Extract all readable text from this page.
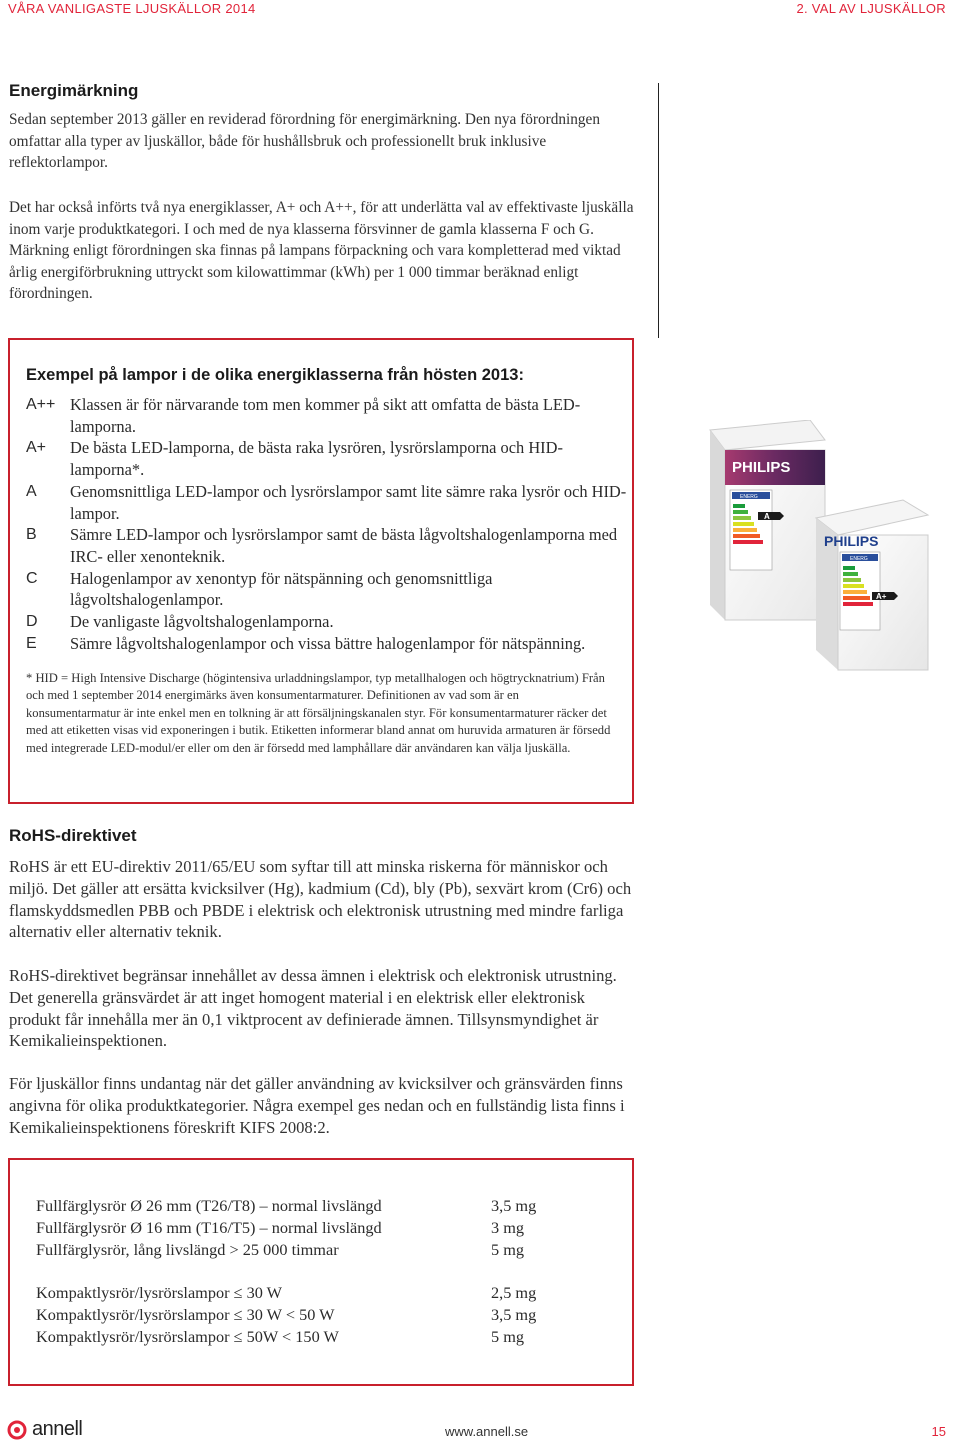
VÅRA VANLIGASTE LJUSKÄLLOR 2014	2. VAL AV LJUSKÄLLOR
Energimärkning

Sedan september 2013 gäller en reviderad förordning för energimärkning. Den nya förordningen omfattar alla typer av ljuskällor, både för hushållsbruk och professionellt bruk inklusive reflektorlampor.

Det har också införts två nya energiklasser, A+ och A++, för att underlätta val av effektivaste ljuskälla inom varje produktkategori. I och med de nya klasserna försvinner de gamla klasserna F och G. Märkning enligt förordningen ska finnas på lampans förpackning och vara kompletterad med viktad årlig energiförbrukning uttryckt som kilowattimmar (kWh) per 1 000 timmar beräknad enligt förordningen.

Exempel på lampor i de olika energiklasserna från hösten 2013:

A++ Klassen är för närvarande tom men kommer på sikt att omfatta de bästa LED-lamporna.
A+	De bästa LED-lamporna, de bästa raka lysrören, lysrörslamporna och HID-lamporna*.
A	Genomsnittliga LED-lampor och lysrörslampor samt lite sämre raka lysrör och HID-lampor.
B	Sämre LED-lampor och lysrörslampor samt de bästa lågvoltshalogenlamporna med IRC- eller xenonteknik.
C	Halogenlampor av xenontyp för nätspänning och genomsnittliga lågvoltshalogenlampor.
D	De vanligaste lågvoltshalogenlamporna.
E	Sämre lågvoltshalogenlampor och vissa bättre halogenlampor för nätspänning.

* HID = High Intensive Discharge (högintensiva urladdningslampor, typ metallhalogen och högtrycknatrium) Från och med 1 september 2014 energimärks även konsumentarmaturer. Definitionen av vad som är en konsumentarmatur är inte enkel men en tolkning är att försäljningskanalen styr. För konsumentarmaturer räcker det med att etiketten visas vid exponeringen i butik. Etiketten informerar bland annat om huruvida armaturen är försedd med integrerade LED-modul/er eller om den är försedd med lamphållare där användaren kan välja ljuskälla.

PHILIPS
ENERG
A
PHILIPS
ENERG
A+
RoHS-direktivet

RoHS är ett EU-direktiv 2011/65/EU som syftar till att minska riskerna för människor och miljö. Det gäller att ersätta kvicksilver (Hg), kadmium (Cd), bly (Pb), sexvärt krom (Cr6) och flamskyddsmedlen PBB och PBDE i elektrisk och elektronisk utrustning med mindre farliga alternativ eller alternativ teknik.

RoHS-direktivet begränsar innehållet av dessa ämnen i elektrisk och elektronisk utrustning. Det generella gränsvärdet är att inget homogent material i en elektrisk eller elektronisk produkt får innehålla mer än 0,1 viktprocent av definierade ämnen. Tillsynsmyndighet är Kemikalieinspektionen.

För ljuskällor finns undantag när det gäller användning av kvicksilver och gränsvärden finns angivna för olika produktkategorier. Några exempel ges nedan och en fullständig lista finns i Kemikalieinspektionens föreskrift KIFS 2008:2.

Fullfärglysrör Ø 26 mm (T26/T8) – normal livslängd	3,5 mg
Fullfärglysrör Ø 16 mm (T16/T5) – normal livslängd	3 mg
Fullfärglysrör, lång livslängd > 25 000 timmar	5 mg
Kompaktlysrör/lysrörslampor ≤ 30 W	2,5 mg
Kompaktlysrör/lysrörslampor ≤ 30 W < 50 W	3,5 mg
Kompaktlysrör/lysrörslampor ≤ 50W < 150 W	5 mg
annell	www.annell.se	15
